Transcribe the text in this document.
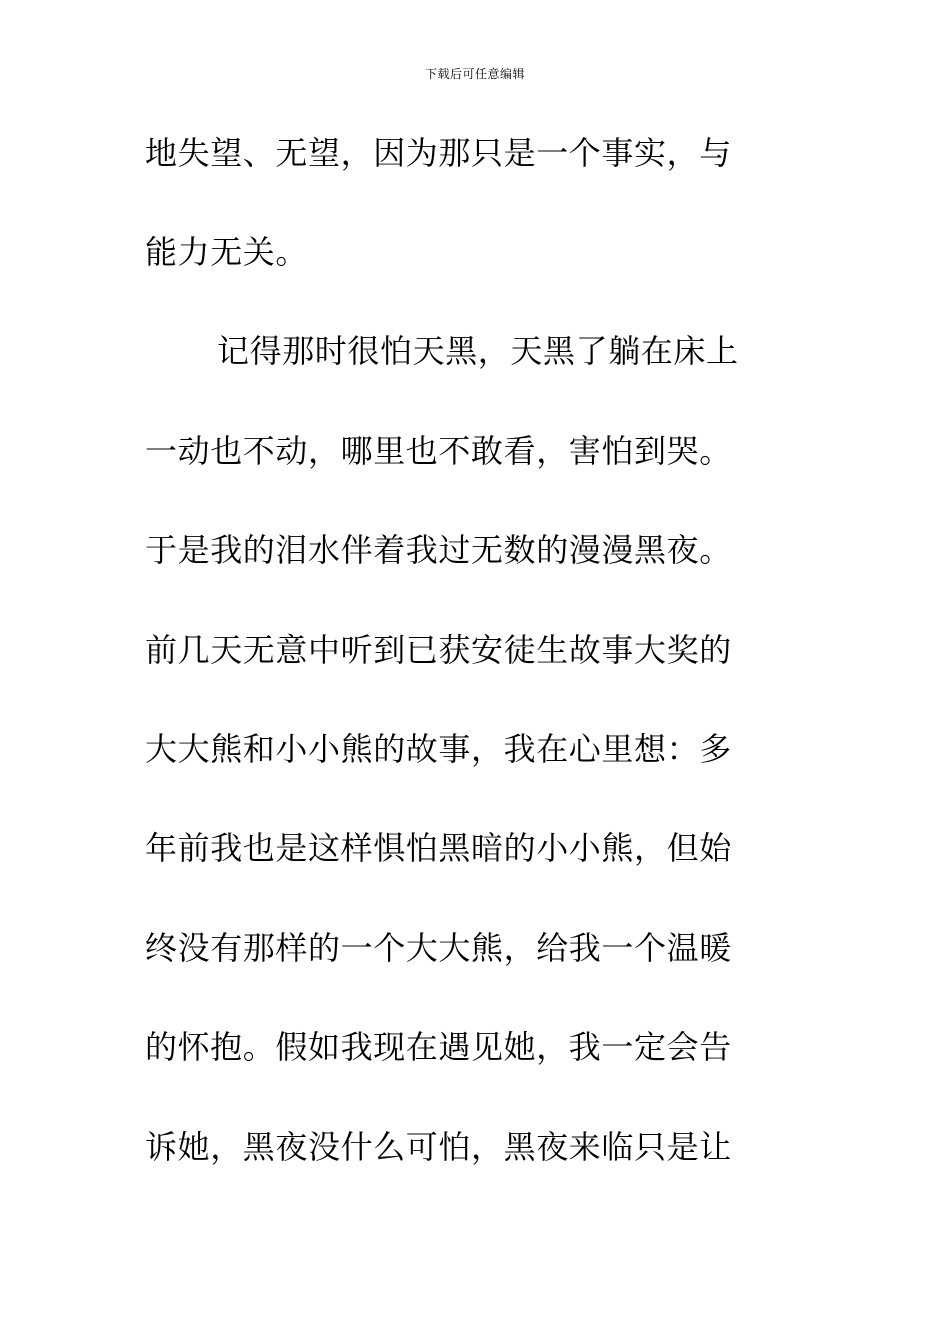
下载后可任意编辑
地失望、无望，因为那只是一个事实，与
能力无关。
记得那时很怕天黑，天黑了躺在床上
一动也不动，哪里也不敢看，害怕到哭。
于是我的泪水伴着我过无数的漫漫黑夜。
前几天无意中听到已获安徒生故事大奖的
大大熊和小小熊的故事，我在心里想：多
年前我也是这样惧怕黑暗的小小熊，但始
终没有那样的一个大大熊，给我一个温暖
的怀抱。假如我现在遇见她，我一定会告
诉她，黑夜没什么可怕，黑夜来临只是让
